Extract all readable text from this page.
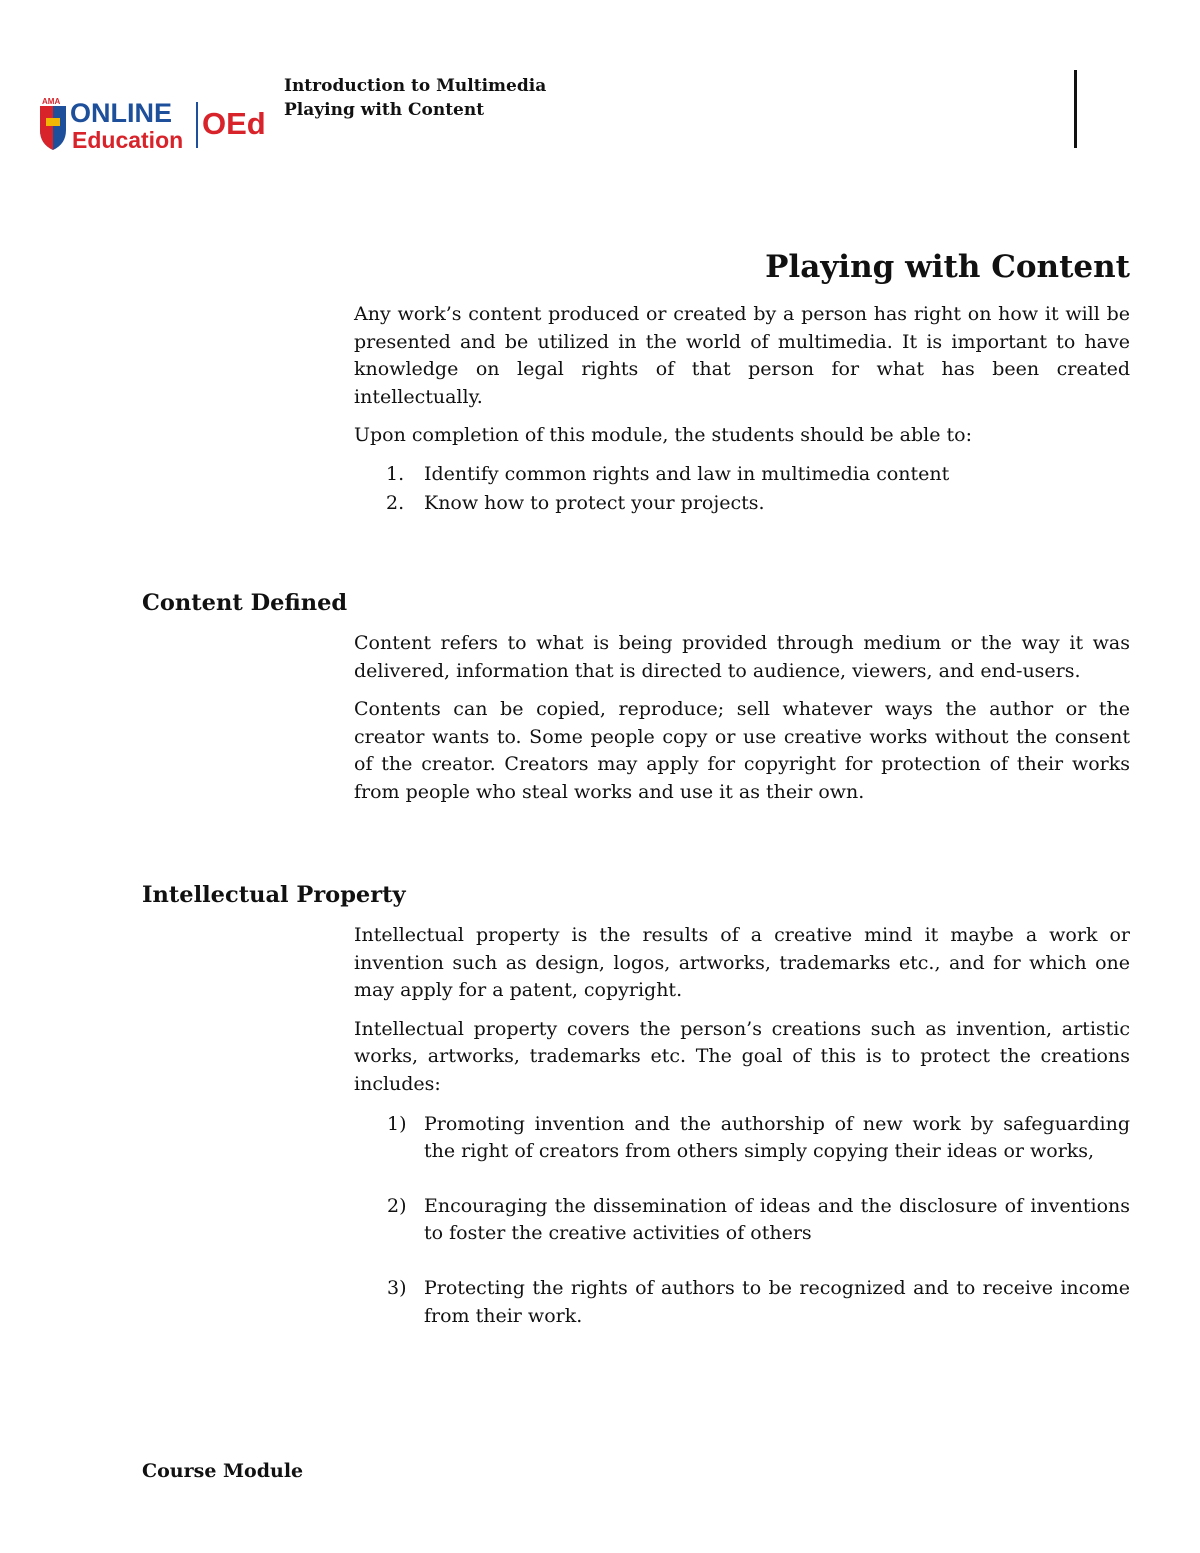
AMA ONLINE
Education OEd
Introduction to Multimedia
Playing with Content
Playing with Content

Any work’s content produced or created by a person has right on how it will be presented and be utilized in the world of multimedia. It is important to have knowledge on legal rights of that person for what has been created intellectually.

Upon completion of this module, the students should be able to:

1. Identify common rights and law in multimedia content
2. Know how to protect your projects.
Content Defined

Content refers to what is being provided through medium or the way it was delivered, information that is directed to audience, viewers, and end-users.

Contents can be copied, reproduce; sell whatever ways the author or the creator wants to. Some people copy or use creative works without the consent of the creator. Creators may apply for copyright for protection of their works from people who steal works and use it as their own.

Intellectual Property

Intellectual property is the results of a creative mind it maybe a work or invention such as design, logos, artworks, trademarks etc., and for which one may apply for a patent, copyright.

Intellectual property covers the person’s creations such as invention, artistic works, artworks, trademarks etc. The goal of this is to protect the creations includes:

1) Promoting invention and the authorship of new work by safeguarding the right of creators from others simply copying their ideas or works,
2) Encouraging the dissemination of ideas and the disclosure of inventions to foster the creative activities of others
3) Protecting the rights of authors to be recognized and to receive income from their work.
Course Module
